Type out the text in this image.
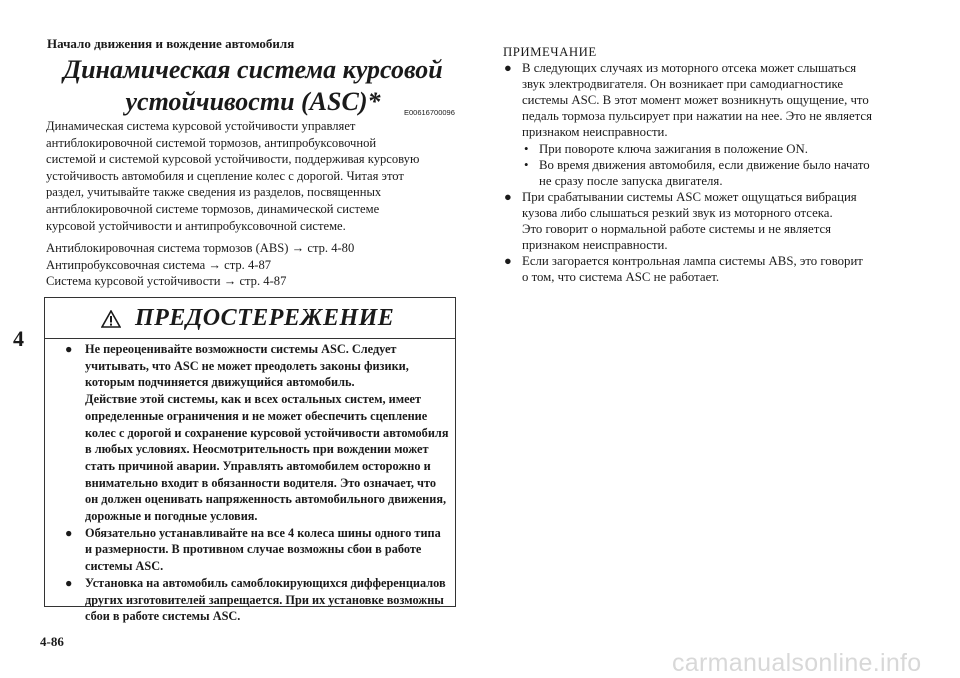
Начало движения и вождение автомобиля
Динамическая система курсовой
устойчивости (ASC)*	E00616700096
Динамическая система курсовой устойчивости управляет
антиблокировочной системой тормозов, антипробуксовочной
системой и системой курсовой устойчивости, поддерживая курсовую
устойчивость автомобиля и сцепление колес с дорогой. Читая этот
раздел, учитывайте также сведения из разделов, посвященных
антиблокировочной системе тормозов, динамической системе
курсовой устойчивости и антипробуксовочной системе.
Антиблокировочная система тормозов (ABS) → стр. 4-80
Антипробуксовочная система → стр. 4-87
Система курсовой устойчивости → стр. 4-87
4
ПРЕДОСТЕРЕЖЕНИЕ
● Не переоценивайте возможности системы ASC. Следует
учитывать, что ASC не может преодолеть законы физики,
которым подчиняется движущийся автомобиль.
Действие этой системы, как и всех остальных систем, имеет
определенные ограничения и не может обеспечить сцепление
колес с дорогой и сохранение курсовой устойчивости автомобиля
в любых условиях. Неосмотрительность при вождении может
стать причиной аварии. Управлять автомобилем осторожно и
внимательно входит в обязанности водителя. Это означает, что
он должен оценивать напряженность автомобильного движения,
дорожные и погодные условия.
● Обязательно устанавливайте на все 4 колеса шины одного типа
и размерности. В противном случае возможны сбои в работе
системы ASC.
● Установка на автомобиль самоблокирующихся дифференциалов
других изготовителей запрещается. При их установке возможны
сбои в работе системы ASC.
ПРИМЕЧАНИЕ
● В следующих случаях из моторного отсека может слышаться
звук электродвигателя. Он возникает при самодиагностике
системы ASC. В этот момент может возникнуть ощущение, что
педаль тормоза пульсирует при нажатии на нее. Это не является
признаком неисправности.
• При повороте ключа зажигания в положение ON.
• Во время движения автомобиля, если движение было начато
не сразу после запуска двигателя.
● При срабатывании системы ASC может ощущаться вибрация
кузова либо слышаться резкий звук из моторного отсека.
Это говорит о нормальной работе системы и не является
признаком неисправности.
● Если загорается контрольная лампа системы ABS, это говорит
о том, что система ASC не работает.
4-86
carmanualsonline.info
